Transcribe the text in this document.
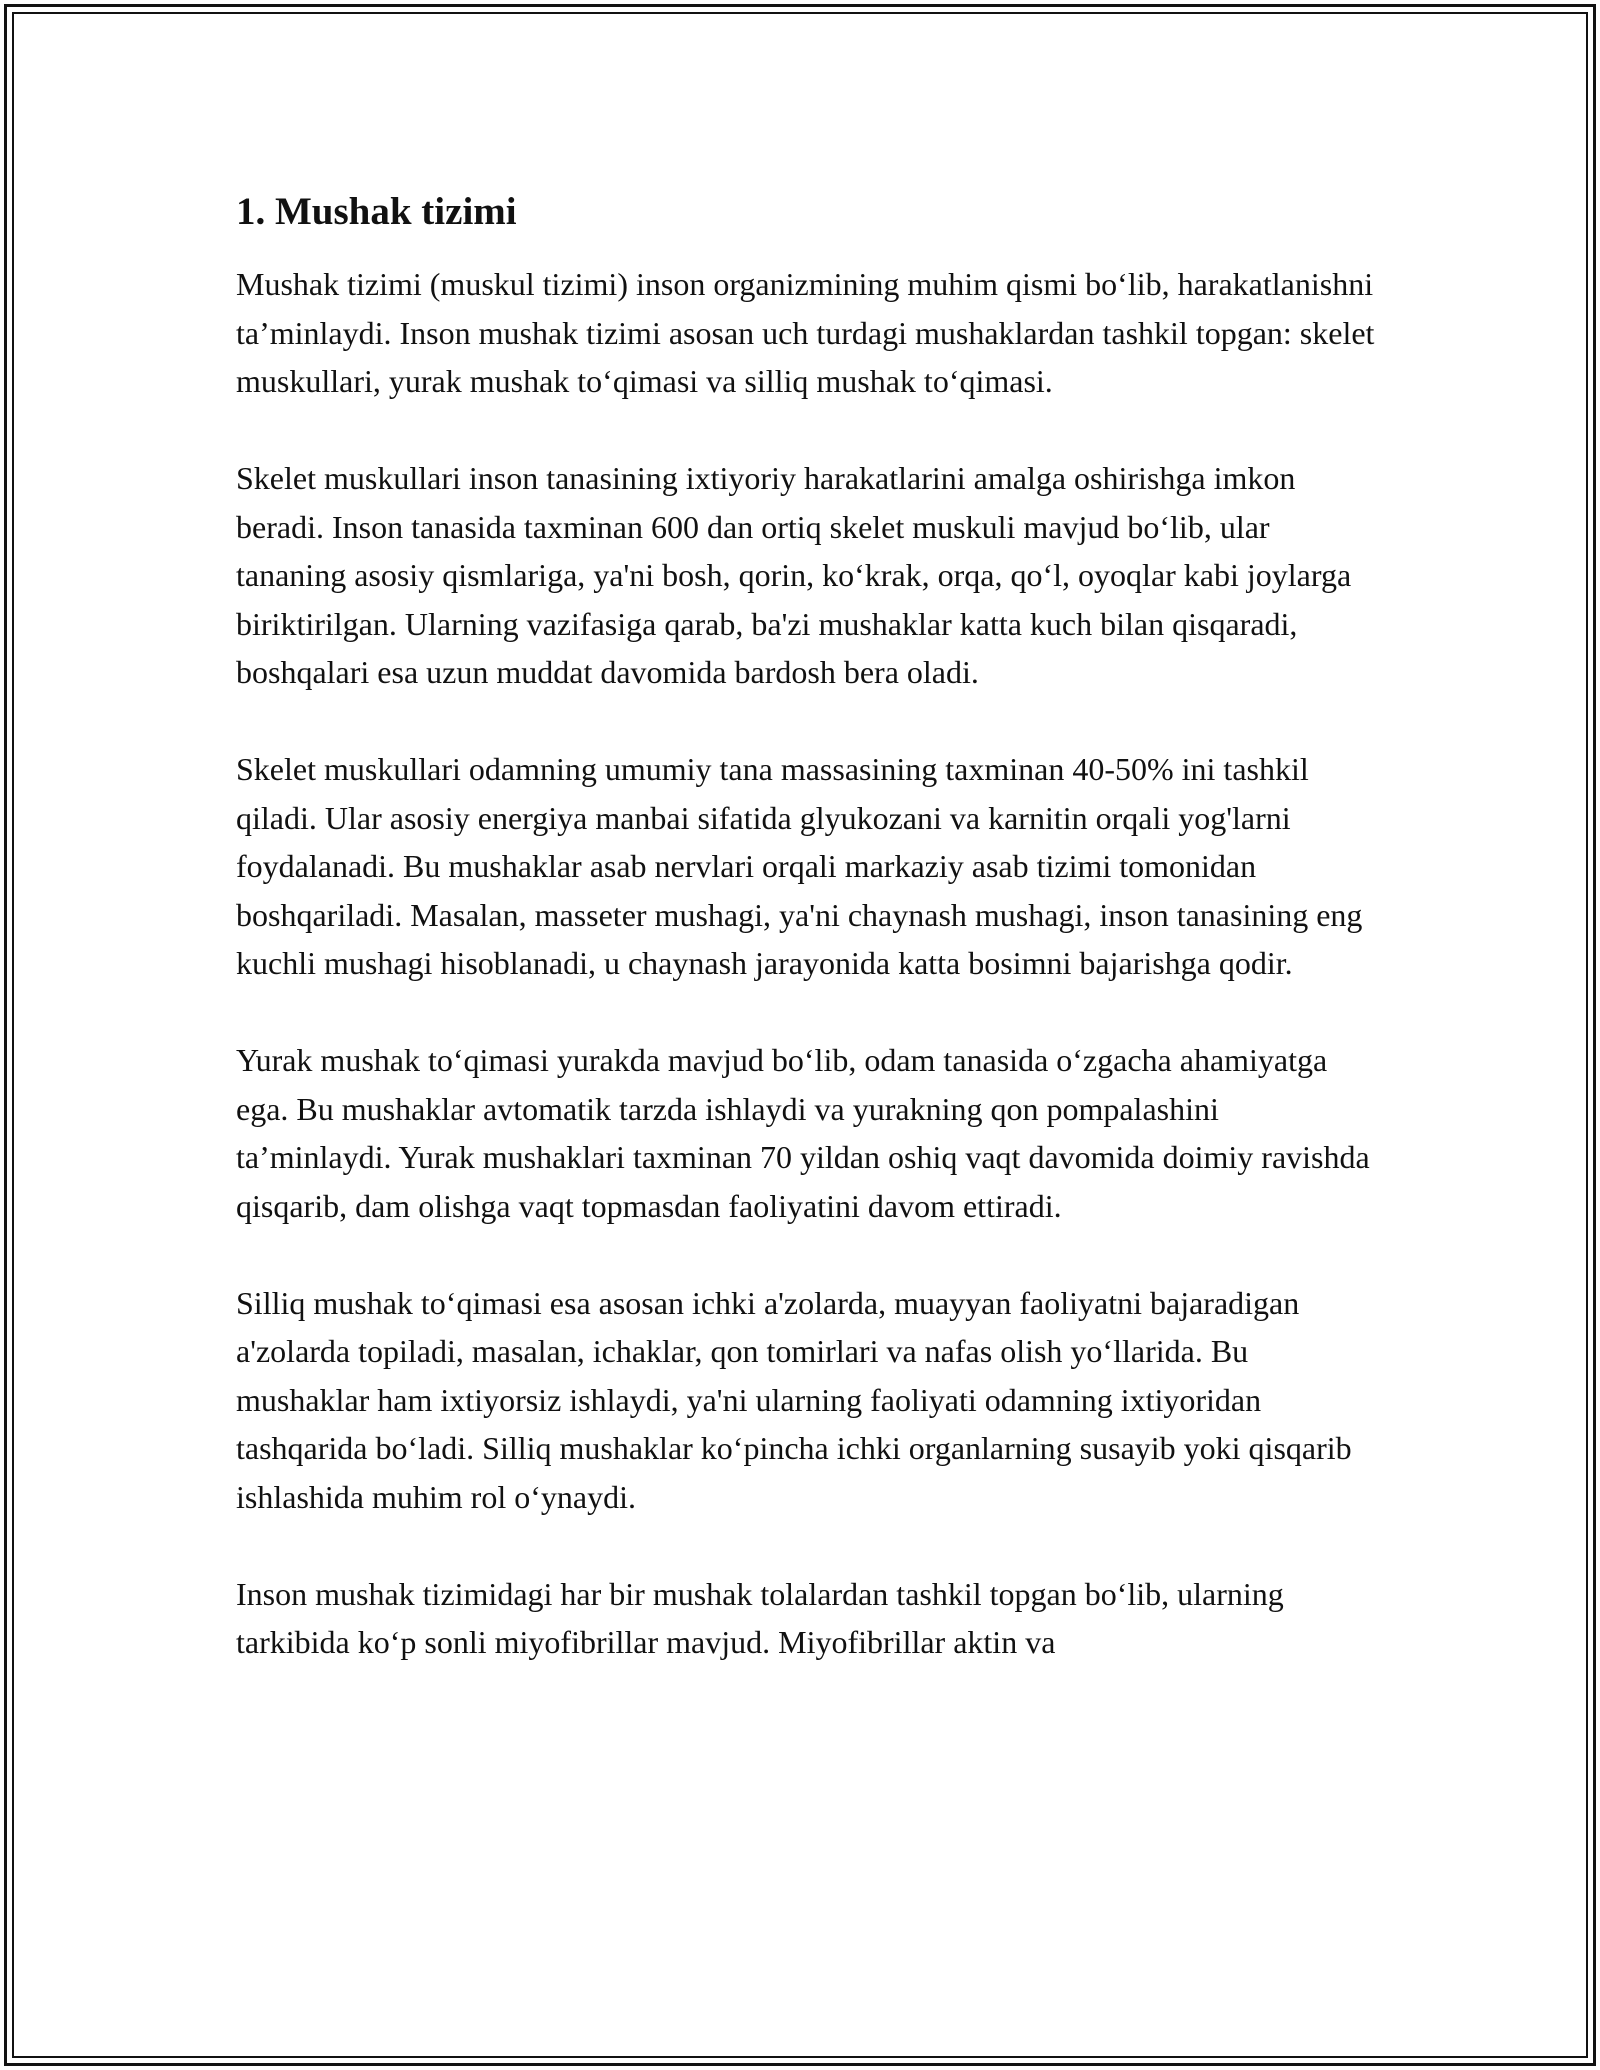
1. Mushak tizimi

Mushak tizimi (muskul tizimi) inson organizmining muhim qismi bo‘lib, harakatlanishni ta’minlaydi. Inson mushak tizimi asosan uch turdagi mushaklardan tashkil topgan: skelet muskullari, yurak mushak to‘qimasi va silliq mushak to‘qimasi.

Skelet muskullari inson tanasining ixtiyoriy harakatlarini amalga oshirishga imkon beradi. Inson tanasida taxminan 600 dan ortiq skelet muskuli mavjud bo‘lib, ular tananing asosiy qismlariga, ya'ni bosh, qorin, ko‘krak, orqa, qo‘l, oyoqlar kabi joylarga biriktirilgan. Ularning vazifasiga qarab, ba'zi mushaklar katta kuch bilan qisqaradi, boshqalari esa uzun muddat davomida bardosh bera oladi.

Skelet muskullari odamning umumiy tana massasining taxminan 40-50% ini tashkil qiladi. Ular asosiy energiya manbai sifatida glyukozani va karnitin orqali yog'larni foydalanadi. Bu mushaklar asab nervlari orqali markaziy asab tizimi tomonidan boshqariladi. Masalan, masseter mushagi, ya'ni chaynash mushagi, inson tanasining eng kuchli mushagi hisoblanadi, u chaynash jarayonida katta bosimni bajarishga qodir.

Yurak mushak to‘qimasi yurakda mavjud bo‘lib, odam tanasida o‘zgacha ahamiyatga ega. Bu mushaklar avtomatik tarzda ishlaydi va yurakning qon pompalashini ta’minlaydi. Yurak mushaklari taxminan 70 yildan oshiq vaqt davomida doimiy ravishda qisqarib, dam olishga vaqt topmasdan faoliyatini davom ettiradi.

Silliq mushak to‘qimasi esa asosan ichki a'zolarda, muayyan faoliyatni bajaradigan a'zolarda topiladi, masalan, ichaklar, qon tomirlari va nafas olish yo‘llarida. Bu mushaklar ham ixtiyorsiz ishlaydi, ya'ni ularning faoliyati odamning ixtiyoridan tashqarida bo‘ladi. Silliq mushaklar ko‘pincha ichki organlarning susayib yoki qisqarib ishlashida muhim rol o‘ynaydi.

Inson mushak tizimidagi har bir mushak tolalardan tashkil topgan bo‘lib, ularning tarkibida ko‘p sonli miyofibrillar mavjud. Miyofibrillar aktin va
